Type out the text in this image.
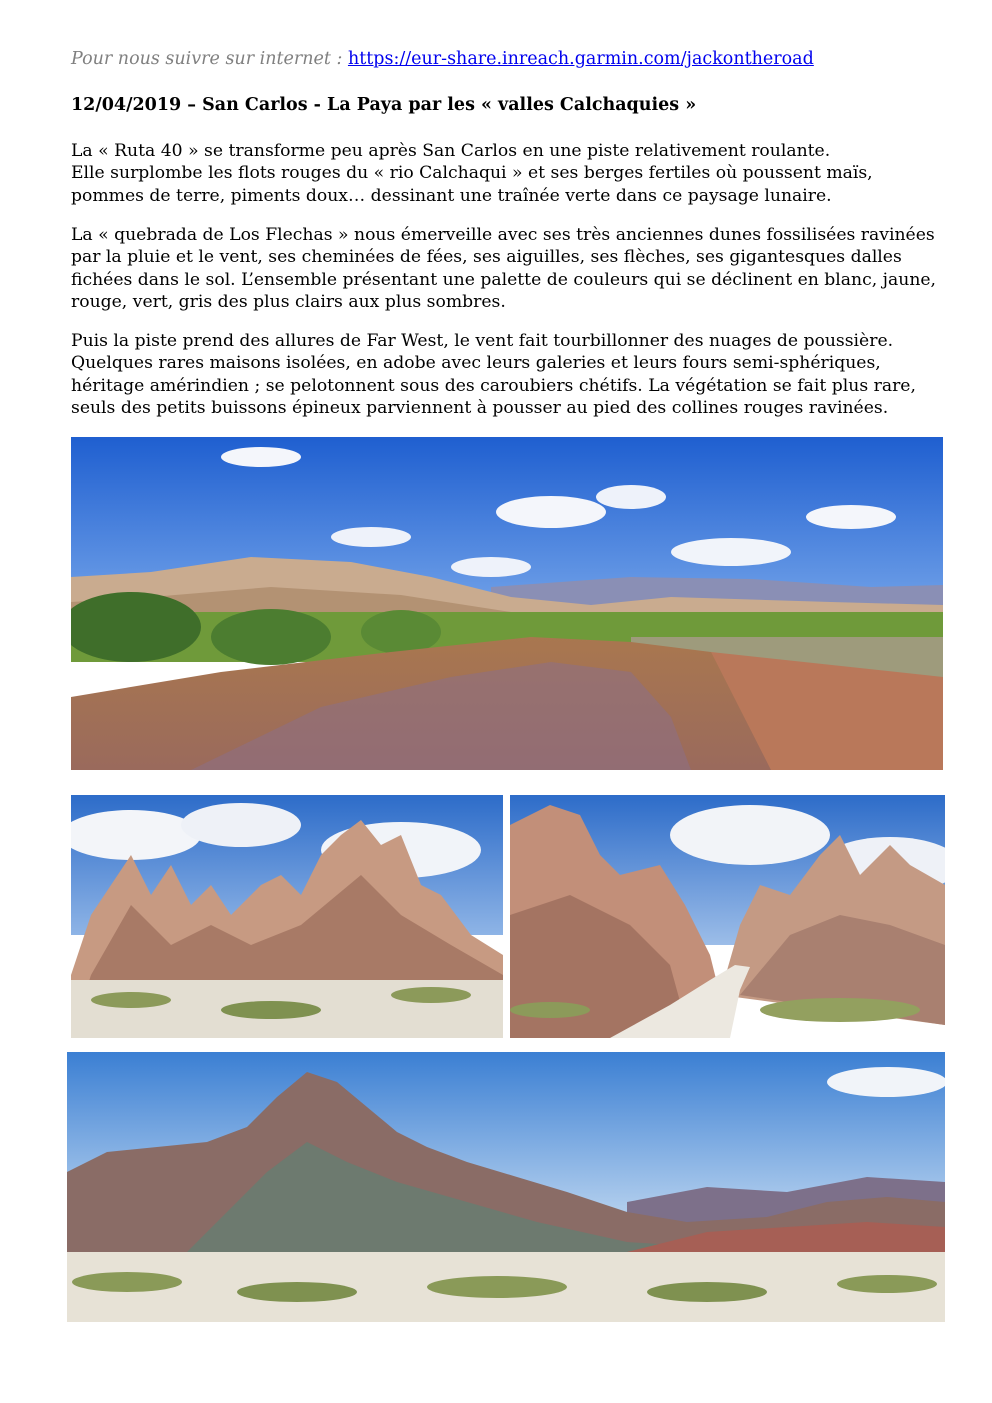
Pour nous suivre sur internet : https://eur-share.inreach.garmin.com/jackontheroad
12/04/2019 – San Carlos - La Paya par les « valles Calchaquies »

La « Ruta 40 » se transforme peu après San Carlos en une piste relativement roulante.
Elle surplombe les flots rouges du « rio Calchaqui » et ses berges fertiles où poussent maïs,
pommes de terre, piments doux… dessinant une traînée verte dans ce paysage lunaire.

La « quebrada de Los Flechas » nous émerveille avec ses très anciennes dunes fossilisées ravinées
par la pluie et le vent, ses cheminées de fées, ses aiguilles, ses flèches, ses gigantesques dalles
fichées dans le sol. L’ensemble présentant une palette de couleurs qui se déclinent en blanc, jaune,
rouge, vert, gris des plus clairs aux plus sombres.

Puis la piste prend des allures de Far West, le vent fait tourbillonner des nuages de poussière.
Quelques rares maisons isolées, en adobe avec leurs galeries et leurs fours semi-sphériques,
héritage amérindien ; se pelotonnent sous des caroubiers chétifs. La végétation se fait plus rare,
seuls des petits buissons épineux parviennent à pousser au pied des collines rouges ravinées.
